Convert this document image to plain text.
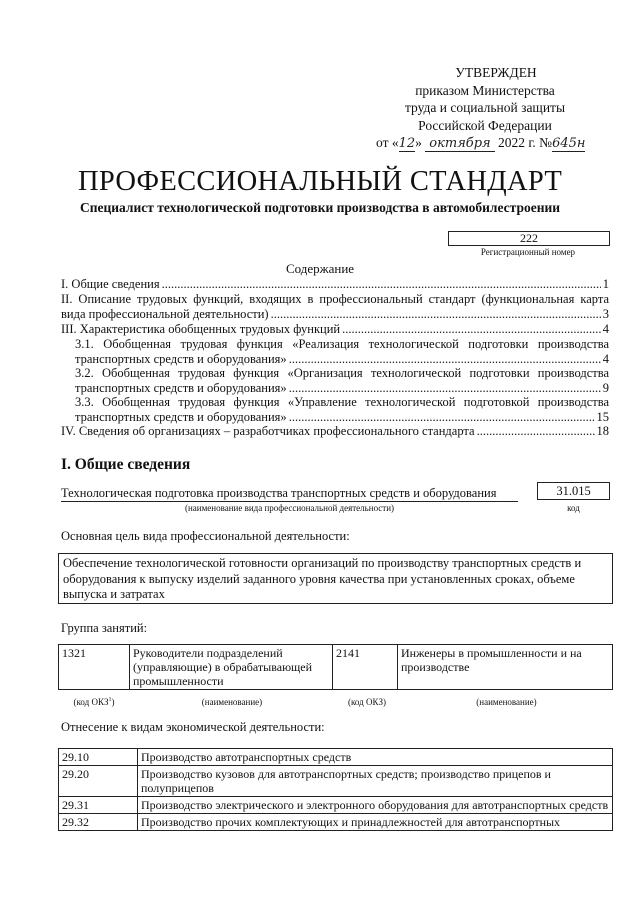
УТВЕРЖДЕН
приказом Министерства
труда и социальной защиты
Российской Федерации
от «12» октября 2022 г. №645н
ПРОФЕССИОНАЛЬНЫЙ СТАНДАРТ
Специалист технологической подготовки производства в автомобилестроении
222
Регистрационный номер
Содержание
I. Общие сведения .....	1
II. Описание трудовых функций, входящих в профессиональный стандарт (функциональная карта
вида профессиональной деятельности) .....	3
III. Характеристика обобщенных трудовых функций .....	4
3.1. Обобщенная трудовая функция «Реализация технологической подготовки производства
транспортных средств и оборудования» .....	4
3.2. Обобщенная трудовая функция «Организация технологической подготовки производства
транспортных средств и оборудования» .....	9
3.3. Обобщенная трудовая функция «Управление технологической подготовкой производства
транспортных средств и оборудования» .....	15
IV. Сведения об организациях – разработчиках профессионального стандарта .....	18
I. Общие сведения
Технологическая подготовка производства транспортных средств и оборудования	31.015
(наименование вида профессиональной деятельности)	код
Основная цель вида профессиональной деятельности:
Обеспечение технологической готовности организаций по производству транспортных средств и оборудования к выпуску изделий заданного уровня качества при установленных сроках, объеме выпуска и затратах
Группа занятий:
1321	Руководители подразделений (управляющие) в обрабатывающей промышленности	2141	Инженеры в промышленности и на производстве
(код ОКЗ$^1$)	(наименование)	(код ОКЗ)	(наименование)
Отнесение к видам экономической деятельности:
29.10	Производство автотранспортных средств
29.20	Производство кузовов для автотранспортных средств; производство прицепов и полуприцепов
29.31	Производство электрического и электронного оборудования для автотранспортных средств
29.32	Производство прочих комплектующих и принадлежностей для автотранспортных
